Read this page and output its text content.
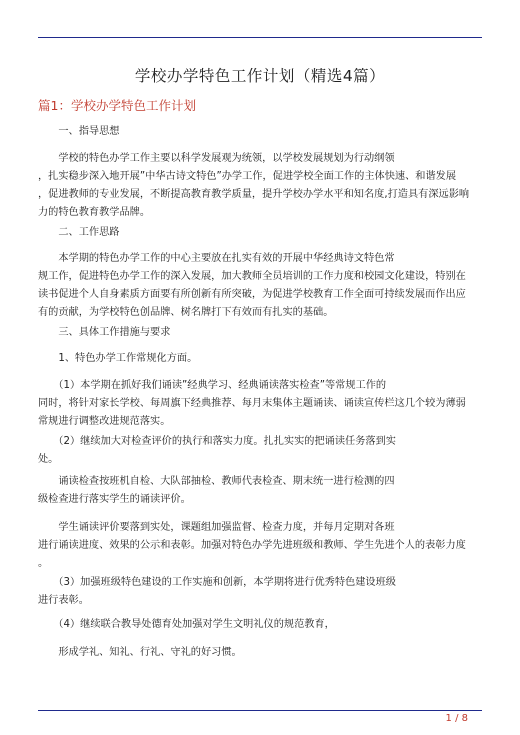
学校办学特色工作计划（精选4篇）
篇1：学校办学特色工作计划
　　一、指导思想
　　学校的特色办学工作主要以科学发展观为统领，以学校发展规划为行动纲领
，扎实稳步深入地开展”中华古诗文特色”办学工作，促进学校全面工作的主体快速、和谐发展
，促进教师的专业发展，不断提高教育教学质量，提升学校办学水平和知名度,打造具有深远影响
力的特色教育教学品牌。
　　二、工作思路
　　本学期的特色办学工作的中心主要放在扎实有效的开展中华经典诗文特色常
规工作，促进特色办学工作的深入发展，加大教师全员培训的工作力度和校园文化建设，特别在
读书促进个人自身素质方面要有所创新有所突破，为促进学校教育工作全面可持续发展而作出应
有的贡献，为学校特色创品牌、树名牌打下有效而有扎实的基础。
　　三、具体工作措施与要求
　　1、特色办学工作常规化方面。
　　（1）本学期在抓好我们诵读”经典学习、经典诵读落实检查”等常规工作的
同时，将针对家长学校、每周旗下经典推荐、每月末集体主题诵读、诵读宣传栏这几个较为薄弱
常规进行调整改进规范落实。
　　（2）继续加大对检查评价的执行和落实力度。扎扎实实的把诵读任务落到实
处。
　　诵读检查按班机自检、大队部抽检、教师代表检查、期末统一进行检测的四
级检查进行落实学生的诵读评价。
　　学生诵读评价要落到实处，课题组加强监督、检查力度，并每月定期对各班
进行诵读进度、效果的公示和表彰。加强对特色办学先进班级和教师、学生先进个人的表彰力度
。
　　（3）加强班级特色建设的工作实施和创新，本学期将进行优秀特色建设班级
进行表彰。
　　（4）继续联合教导处德育处加强对学生文明礼仪的规范教育，
　　形成学礼、知礼、行礼、守礼的好习惯。
1 / 8
